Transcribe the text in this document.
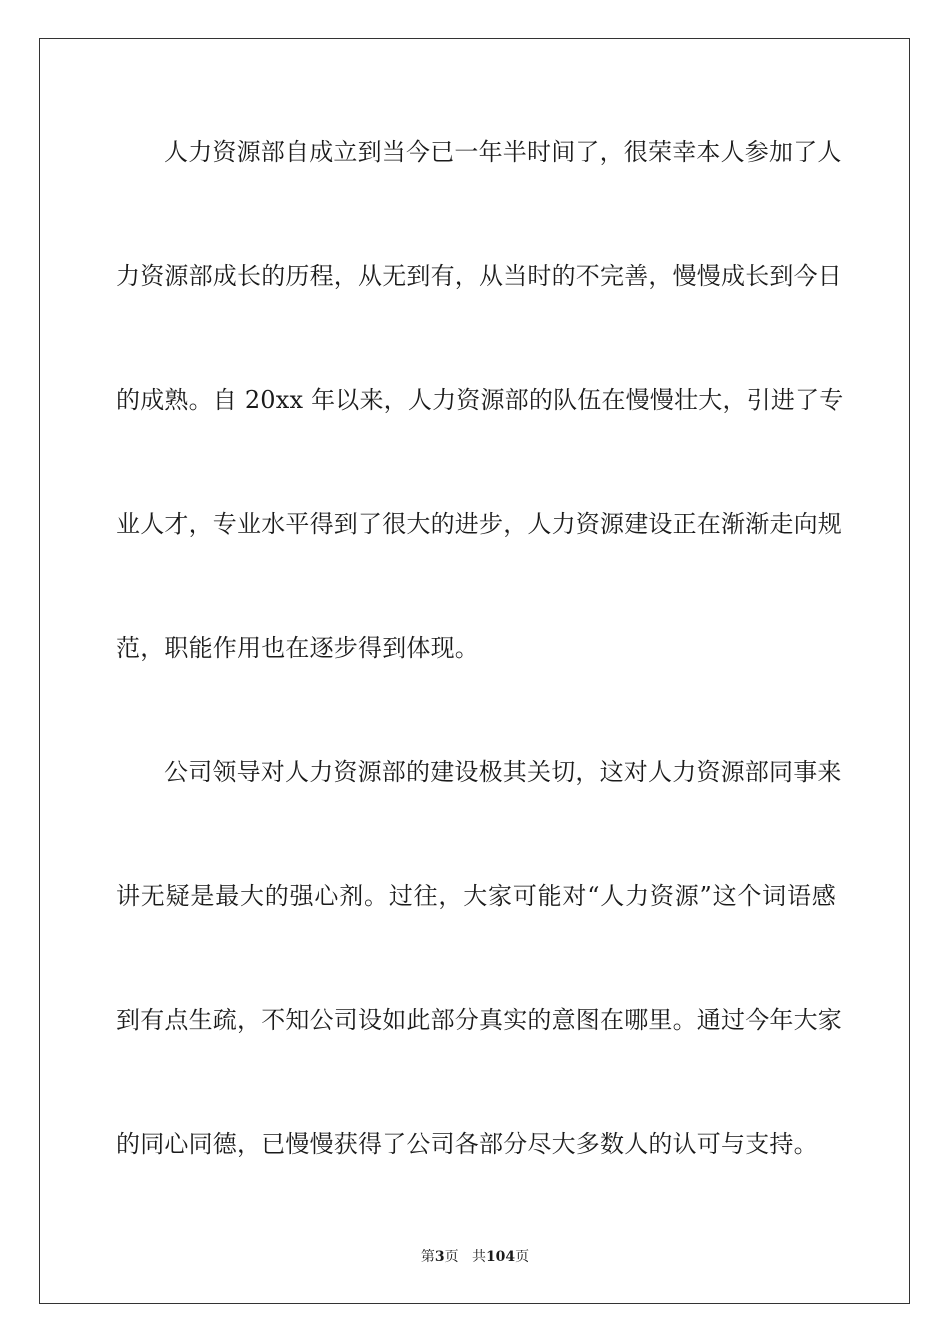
人力资源部自成立到当今已一年半时间了，很荣幸本人参加了人
力资源部成长的历程，从无到有，从当时的不完善，慢慢成长到今日
的成熟。自 20xx 年以来，人力资源部的队伍在慢慢壮大，引进了专
业人才，专业水平得到了很大的进步，人力资源建设正在渐渐走向规
范，职能作用也在逐步得到体现。
公司领导对人力资源部的建设极其关切，这对人力资源部同事来
讲无疑是最大的强心剂。过往，大家可能对“人力资源”这个词语感
到有点生疏，不知公司设如此部分真实的意图在哪里。通过今年大家
的同心同德，已慢慢获得了公司各部分尽大多数人的认可与支持。
第3页 共104页
